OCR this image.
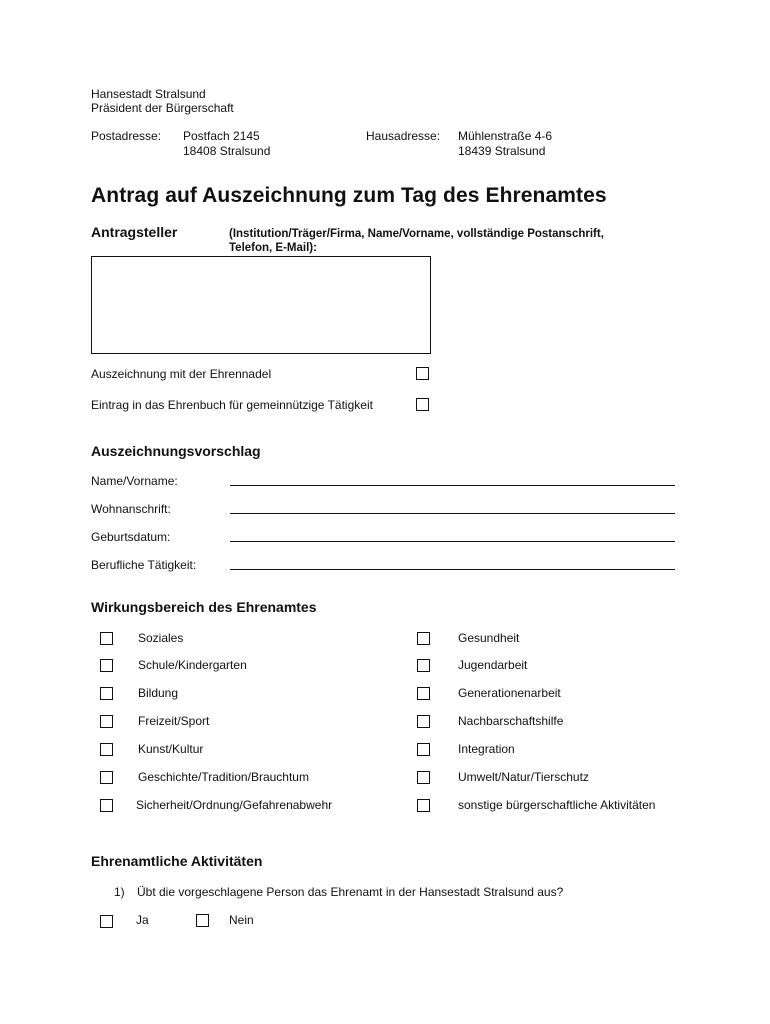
Hansestadt Stralsund
Präsident der Bürgerschaft
Postadresse: Postfach 2145
18408 Stralsund
Hausadresse: Mühlenstraße 4-6
18439 Stralsund
Antrag auf Auszeichnung zum Tag des Ehrenamtes
Antragsteller	(Institution/Träger/Firma, Name/Vorname, vollständige Postanschrift,
Telefon, E-Mail):
Auszeichnung mit der Ehrennadel
Eintrag in das Ehrenbuch für gemeinnützige Tätigkeit
Auszeichnungsvorschlag
Name/Vorname:
Wohnanschrift:
Geburtsdatum:
Berufliche Tätigkeit:
Wirkungsbereich des Ehrenamtes
Soziales
Schule/Kindergarten
Bildung
Freizeit/Sport
Kunst/Kultur
Geschichte/Tradition/Brauchtum
Sicherheit/Ordnung/Gefahrenabwehr
Gesundheit
Jugendarbeit
Generationenarbeit
Nachbarschaftshilfe
Integration
Umwelt/Natur/Tierschutz
sonstige bürgerschaftliche Aktivitäten
Ehrenamtliche Aktivitäten
1) Übt die vorgeschlagene Person das Ehrenamt in der Hansestadt Stralsund aus?
Ja	Nein
